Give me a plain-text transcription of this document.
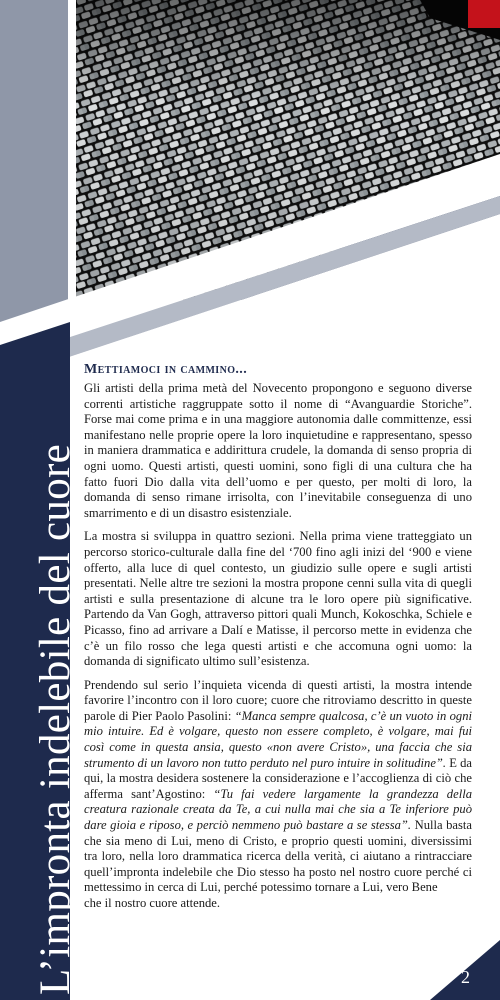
L’impronta indelebile del cuore
Mettiamoci in cammino...

Gli artisti della prima metà del Novecento propongono e seguono diverse correnti artistiche raggruppate sotto il nome di “Avanguardie Storiche”. Forse mai come prima e in una maggiore autonomia dalle committenze, essi manifestano nelle proprie opere la loro inquietudine e rappresentano, spesso in maniera drammatica e addirittura crudele, la domanda di senso propria di ogni uomo. Questi artisti, questi uomini, sono figli di una cultura che ha fatto fuori Dio dalla vita dell’uomo e per questo, per molti di loro, la domanda di senso rimane irrisolta, con l’inevitabile conseguenza di uno smarrimento e di un disastro esistenziale.

La mostra si sviluppa in quattro sezioni. Nella prima viene tratteggiato un percorso storico-culturale dalla fine del ‘700 fino agli inizi del ‘900 e viene offerto, alla luce di quel contesto, un giudizio sulle opere e sugli artisti presentati. Nelle altre tre sezioni la mostra propone cenni sulla vita di quegli artisti e sulla presentazione di alcune tra le loro opere più significative. Partendo da Van Gogh, attraverso pittori quali Munch, Kokoschka, Schiele e Picasso, fino ad arrivare a Dalí e Matisse, il percorso mette in evidenza che c’è un filo rosso che lega questi artisti e che accomuna ogni uomo: la domanda di significato ultimo sull’esistenza.

Prendendo sul serio l’inquieta vicenda di questi artisti, la mostra intende favorire l’incontro con il loro cuore; cuore che ritroviamo descritto in queste parole di Pier Paolo Pasolini: “Manca sempre qualcosa, c’è un vuoto in ogni mio intuire. Ed è volgare, questo non essere completo, è volgare, mai fui così come in questa ansia, questo «non avere Cristo», una faccia che sia strumento di un lavoro non tutto perduto nel puro intuire in solitudine”. E da qui, la mostra desidera sostenere la considerazione e l’accoglienza di ciò che afferma sant’Agostino: “Tu fai vedere largamente la grandezza della creatura razionale creata da Te, a cui nulla mai che sia a Te inferiore può dare gioia e riposo, e perciò nemmeno può bastare a se stessa”. Nulla basta che sia meno di Lui, meno di Cristo, e proprio questi uomini, diversissimi tra loro, nella loro drammatica ricerca della verità, ci aiutano a rintracciare quell’impronta indelebile che Dio stesso ha posto nel nostro cuore perché ci mettessimo in cerca di Lui, perché potessimo tornare a Lui, vero Bene
che il nostro cuore attende.

2
